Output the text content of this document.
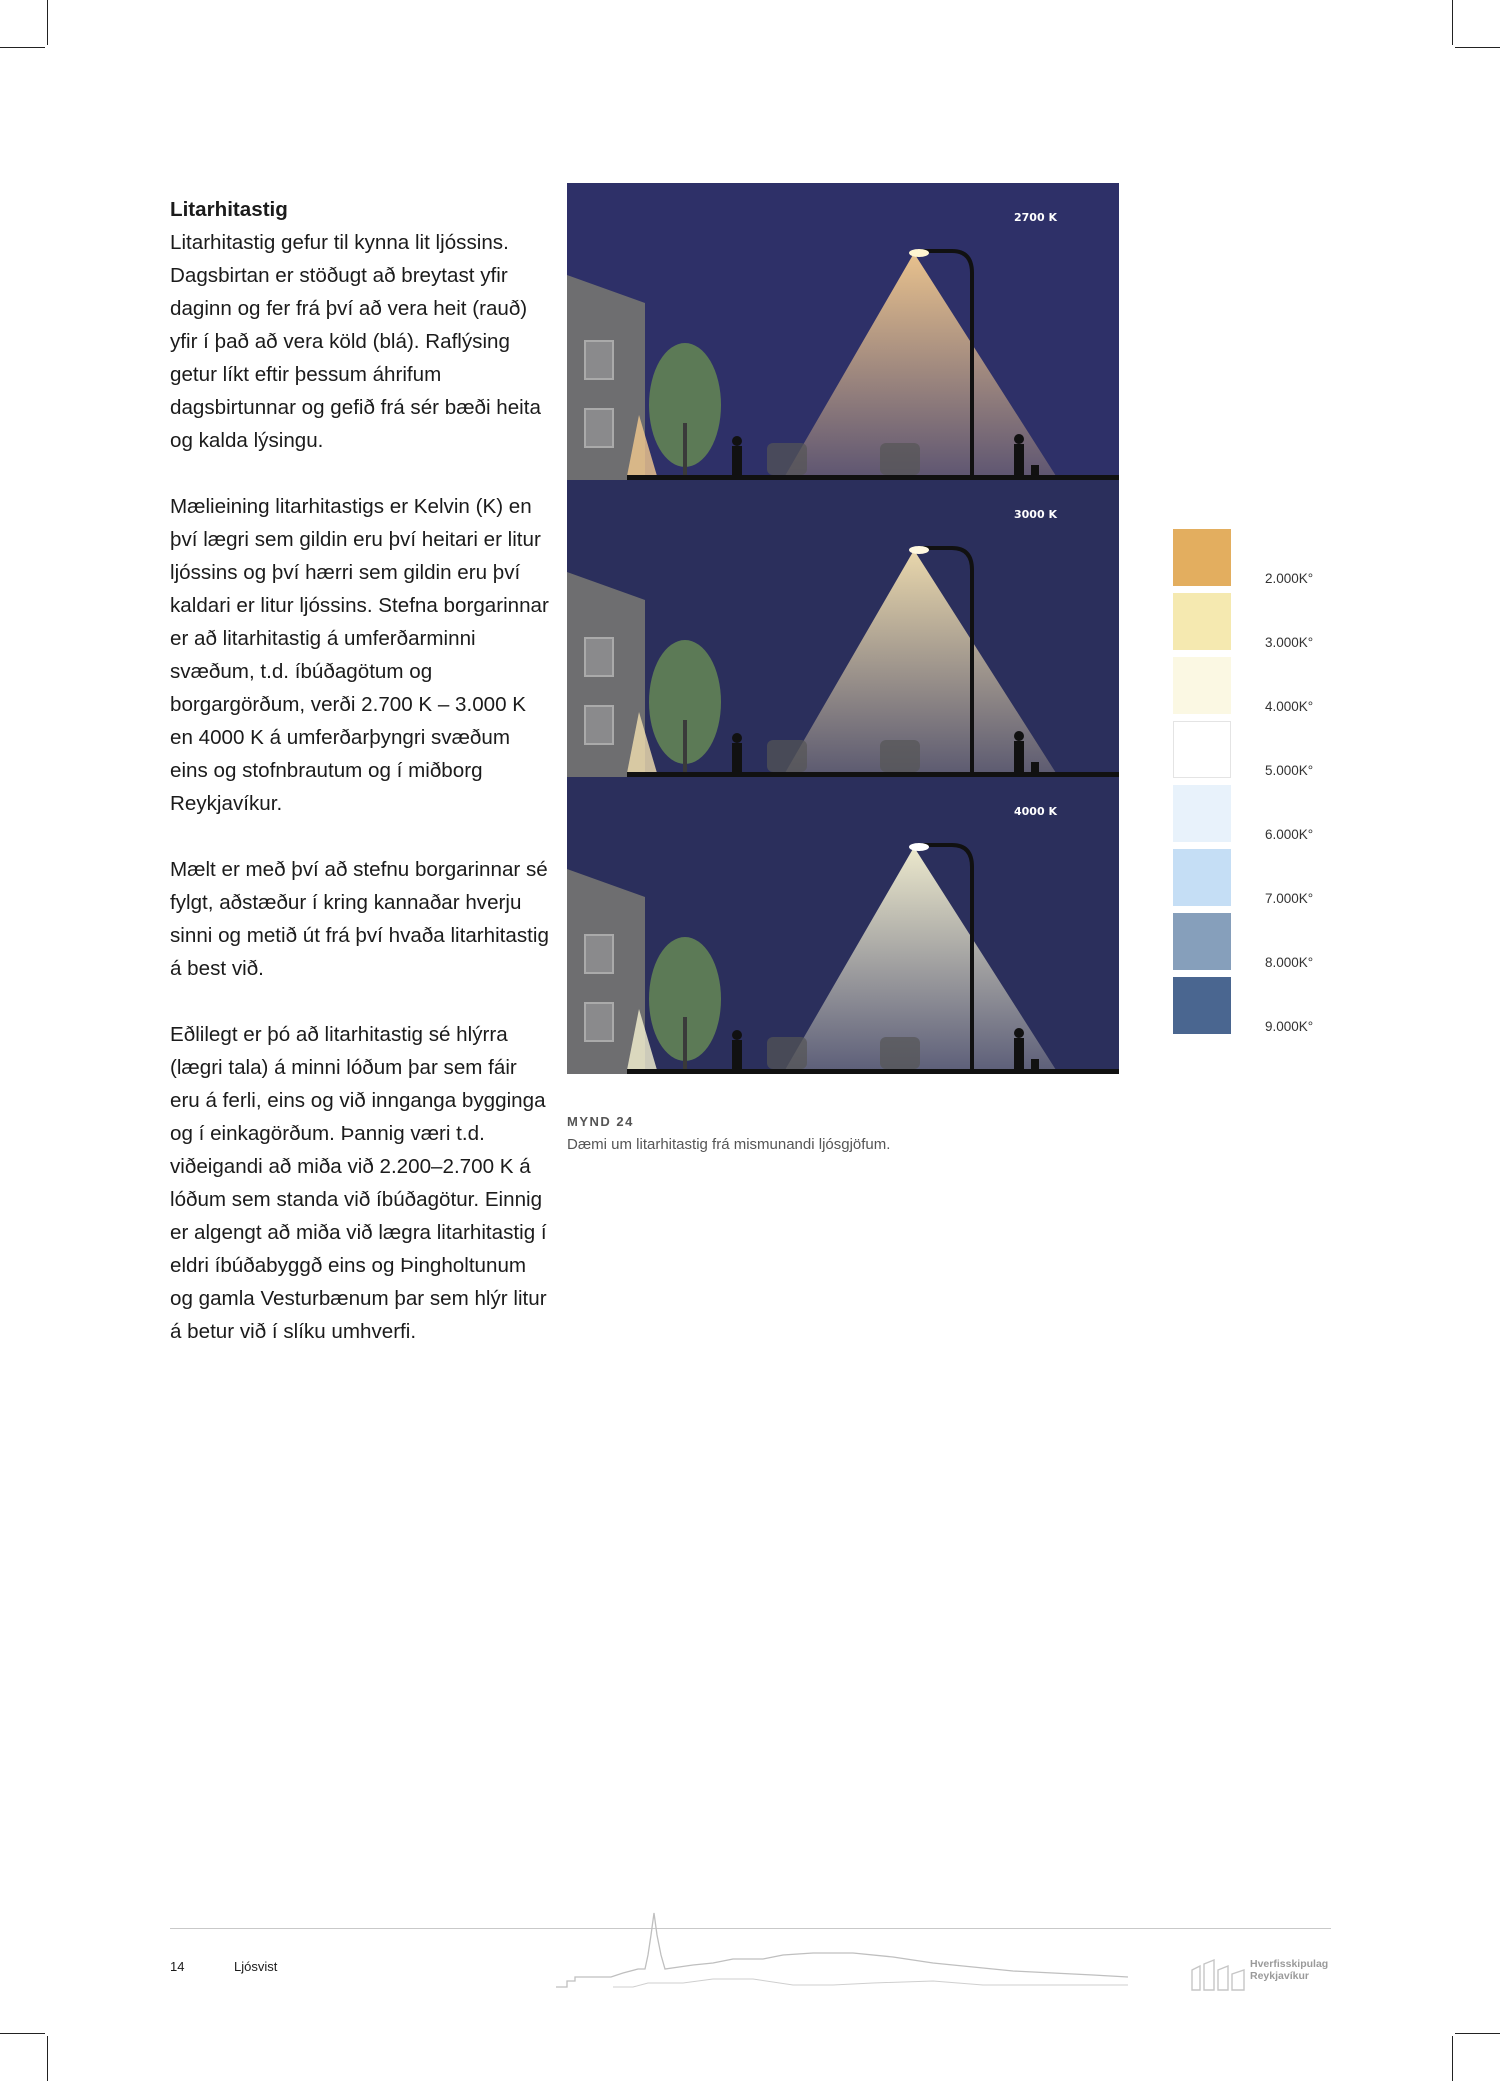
Litarhitastig

Litarhitastig gefur til kynna lit ljóssins. Dagsbirtan er stöðugt að breytast yfir daginn og fer frá því að vera heit (rauð) yfir í það að vera köld (blá). Raflýsing getur líkt eftir þessum áhrifum dagsbirtunnar og gefið frá sér bæði heita og kalda lýsingu.

Mælieining litarhitastigs er Kelvin (K) en því lægri sem gildin eru því heitari er litur ljóssins og því hærri sem gildin eru því kaldari er litur ljóssins. Stefna borgarinnar er að litarhitastig á umferðarminni svæðum, t.d. íbúðagötum og borgargörðum, verði 2.700 K – 3.000 K en 4000 K á umferðarþyngri svæðum eins og stofnbrautum og í miðborg Reykjavíkur.

Mælt er með því að stefnu borgarinnar sé fylgt, aðstæður í kring kannaðar hverju sinni og metið út frá því hvaða litarhitastig á best við.

Eðlilegt er þó að litarhitastig sé hlýrra (lægri tala) á minni lóðum þar sem fáir eru á ferli, eins og við innganga bygginga og í einkagörðum. Þannig væri t.d. viðeigandi að miða við 2.200–2.700 K á lóðum sem standa við íbúðagötur. Einnig er algengt að miða við lægra litarhitastig í eldri íbúðabyggð eins og Þingholtunum og gamla Vesturbænum þar sem hlýr litur á betur við í slíku umhverfi.

2700 K
3000 K
4000 K
MYND 24
Dæmi um litarhitastig frá mismunandi ljósgjöfum.
2.000K°
3.000K°
4.000K°
5.000K°
6.000K°
7.000K°
8.000K°
9.000K°
14	Ljósvist	Hverfisskipulag
Reykjavíkur
